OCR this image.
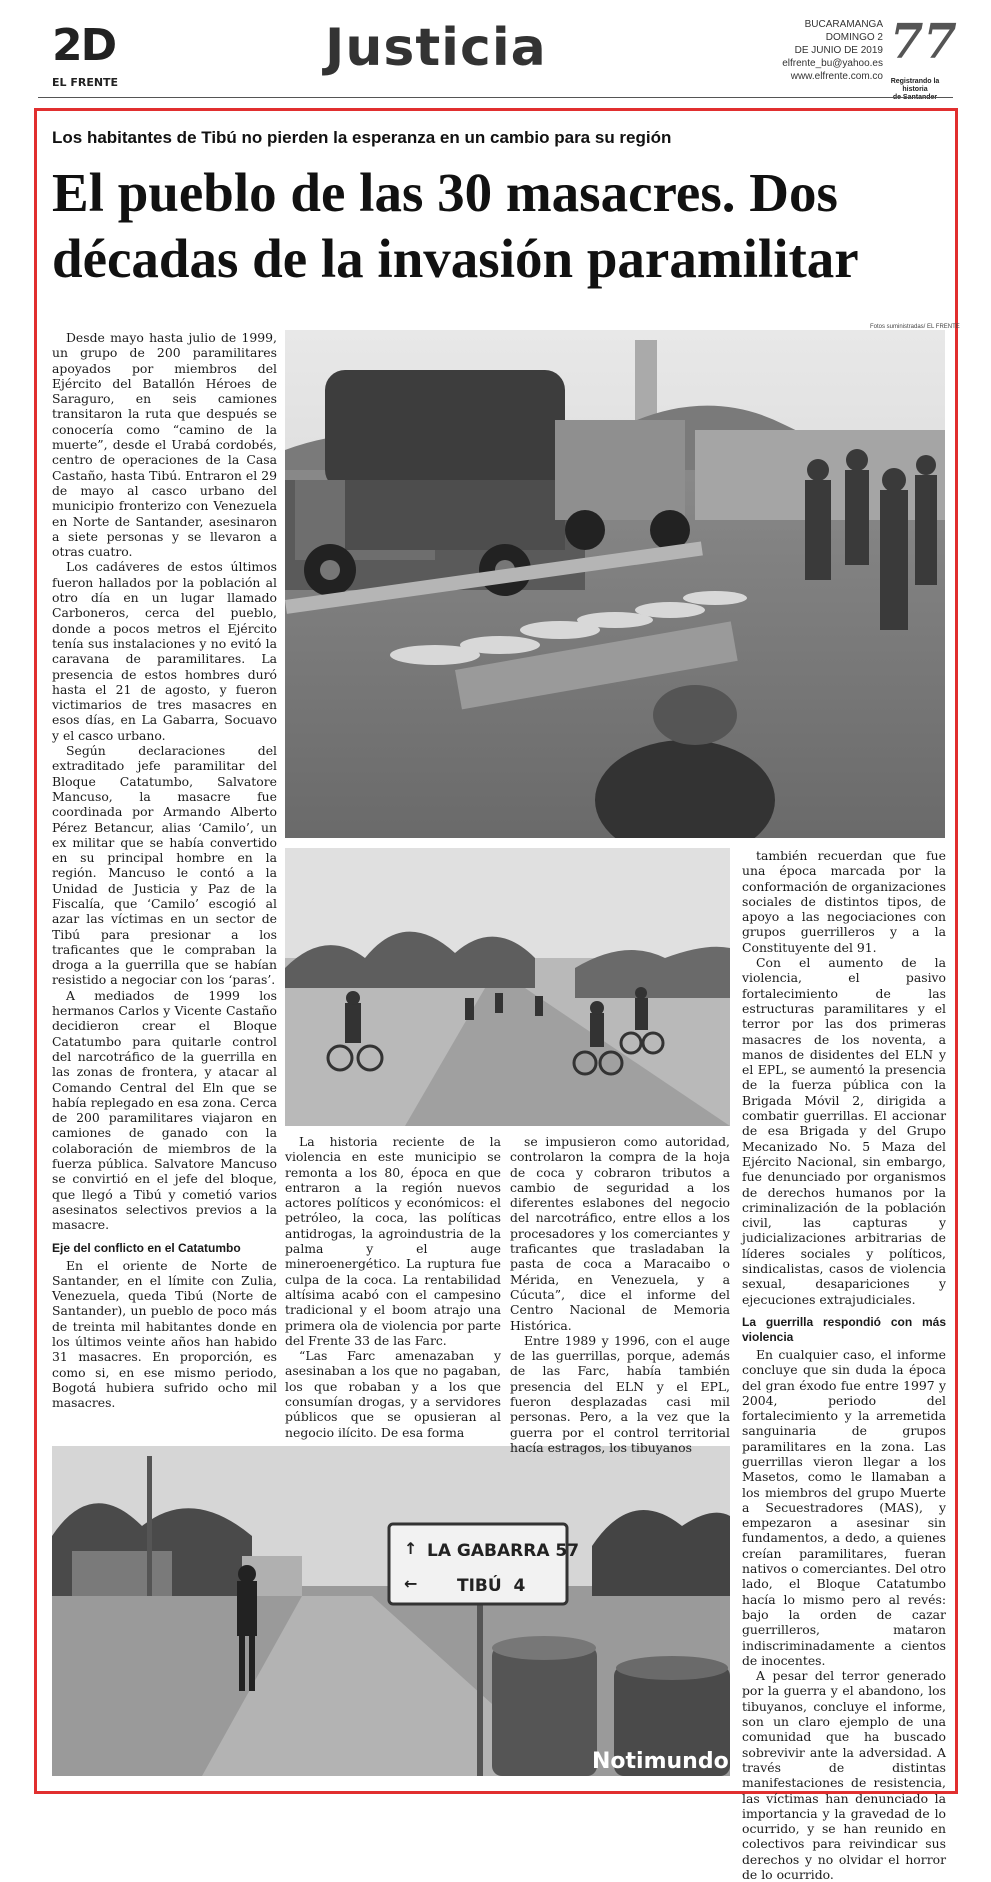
2D
EL FRENTE
Justicia	BUCARAMANGA
DOMINGO 2
DE JUNIO DE 2019
elfrente_bu@yahoo.es
www.elfrente.com.co
77
Registrando la historia
Los habitantes de Tibú no pierden la esperanza en un cambio para su región
El pueblo de las 30 masacres. Dos décadas de la invasión paramilitar
Fotos suministradas/ EL FRENTE
↑
←
LA GABARRA 57
TIBÚ  4
Notimundo

Desde mayo hasta julio de 1999, un grupo de 200 paramilitares apoyados por miembros del Ejército del Batallón Héroes de Saraguro, en seis camiones transitaron la ruta que después se conocería como “camino de la muerte”, desde el Urabá cordobés, centro de operaciones de la Casa Castaño, hasta Tibú. Entraron el 29 de mayo al casco urbano del municipio fronterizo con Venezuela en Norte de Santander, asesinaron a siete personas y se llevaron a otras cuatro.

Los cadáveres de estos últimos fueron hallados por la población al otro día en un lugar llamado Carboneros, cerca del pueblo, donde a pocos metros el Ejército tenía sus instalaciones y no evitó la caravana de paramilitares. La presencia de estos hombres duró hasta el 21 de agosto, y fueron victimarios de tres masacres en esos días, en La Gabarra, Socuavo y el casco urbano.

Según declaraciones del extraditado jefe paramilitar del Bloque Catatumbo, Salvatore Mancuso, la masacre fue coordinada por Armando Alberto Pérez Betancur, alias ‘Camilo’, un ex militar que se había convertido en su principal hombre en la región. Mancuso le contó a la Unidad de Justicia y Paz de la Fiscalía, que ‘Camilo’ escogió al azar las víctimas en un sector de Tibú para presionar a los traficantes que le compraban la droga a la guerrilla que se habían resistido a negociar con los ‘paras’.

A mediados de 1999 los hermanos Carlos y Vicente Castaño decidieron crear el Bloque Catatumbo para quitarle control del narcotráfico de la guerrilla en las zonas de frontera, y atacar al Comando Central del Eln que se había replegado en esa zona. Cerca de 200 paramilitares viajaron en camiones de ganado con la colaboración de miembros de la fuerza pública. Salvatore Mancuso se convirtió en el jefe del bloque, que llegó a Tibú y cometió varios asesinatos selectivos previos a la masacre.

Eje del conflicto en el Catatumbo

En el oriente de Norte de Santander, en el límite con Zulia, Venezuela, queda Tibú (Norte de Santander), un pueblo de poco más de treinta mil habitantes donde en los últimos veinte años han habido 31 masacres. En proporción, es como si, en ese mismo periodo, Bogotá hubiera sufrido ocho mil masacres.

La historia reciente de la violencia en este municipio se remonta a los 80, época en que entraron a la región nuevos actores políticos y económicos: el petróleo, la coca, las políticas antidrogas, la agroindustria de la palma y el auge mineroenergético. La ruptura fue culpa de la coca. La rentabilidad altísima acabó con el campesino tradicional y el boom atrajo una primera ola de violencia por parte del Frente 33 de las Farc.

“Las Farc amenazaban y asesinaban a los que no pagaban, los que robaban y a los que consumían drogas, y a servidores públicos que se opusieran al negocio ilícito. De esa forma

se impusieron como autoridad, controlaron la compra de la hoja de coca y cobraron tributos a cambio de seguridad a los diferentes eslabones del negocio del narcotráfico, entre ellos a los procesadores y los comerciantes y traficantes que trasladaban la pasta de coca a Maracaibo o Mérida, en Venezuela, y a Cúcuta”, dice el informe del Centro Nacional de Memoria Histórica.

Entre 1989 y 1996, con el auge de las guerrillas, porque, además de las Farc, había también presencia del ELN y el EPL, fueron desplazadas casi mil personas. Pero, a la vez que la guerra por el control territorial hacía estragos, los tibuyanos

también recuerdan que fue una época marcada por la conformación de organizaciones sociales de distintos tipos, de apoyo a las negociaciones con grupos guerrilleros y a la Constituyente del 91.

Con el aumento de la violencia, el pasivo fortalecimiento de las estructuras paramilitares y el terror por las dos primeras masacres de los noventa, a manos de disidentes del ELN y el EPL, se aumentó la presencia de la fuerza pública con la Brigada Móvil 2, dirigida a combatir guerrillas. El accionar de esa Brigada y del Grupo Mecanizado No. 5 Maza del Ejército Nacional, sin embargo, fue denunciado por organismos de derechos humanos por la criminalización de la población civil, las capturas y judicializaciones arbitrarias de líderes sociales y políticos, sindicalistas, casos de violencia sexual, desapariciones y ejecuciones extrajudiciales.

La guerrilla respondió con más violencia

En cualquier caso, el informe concluye que sin duda la época del gran éxodo fue entre 1997 y 2004, periodo del fortalecimiento y la arremetida sanguinaria de grupos paramilitares en la zona. Las guerrillas vieron llegar a los Masetos, como le llamaban a los miembros del grupo Muerte a Secuestradores (MAS), y empezaron a asesinar sin fundamentos, a dedo, a quienes creían paramilitares, fueran nativos o comerciantes. Del otro lado, el Bloque Catatumbo hacía lo mismo pero al revés: bajo la orden de cazar guerrilleros, mataron indiscriminadamente a cientos de inocentes.

A pesar del terror generado por la guerra y el abandono, los tibuyanos, concluye el informe, son un claro ejemplo de una comunidad que ha buscado sobrevivir ante la adversidad. A través de distintas manifestaciones de resistencia, las víctimas han denunciado la importancia y la gravedad de lo ocurrido, y se han reunido en colectivos para reivindicar sus derechos y no olvidar el horror de lo ocurrido.
